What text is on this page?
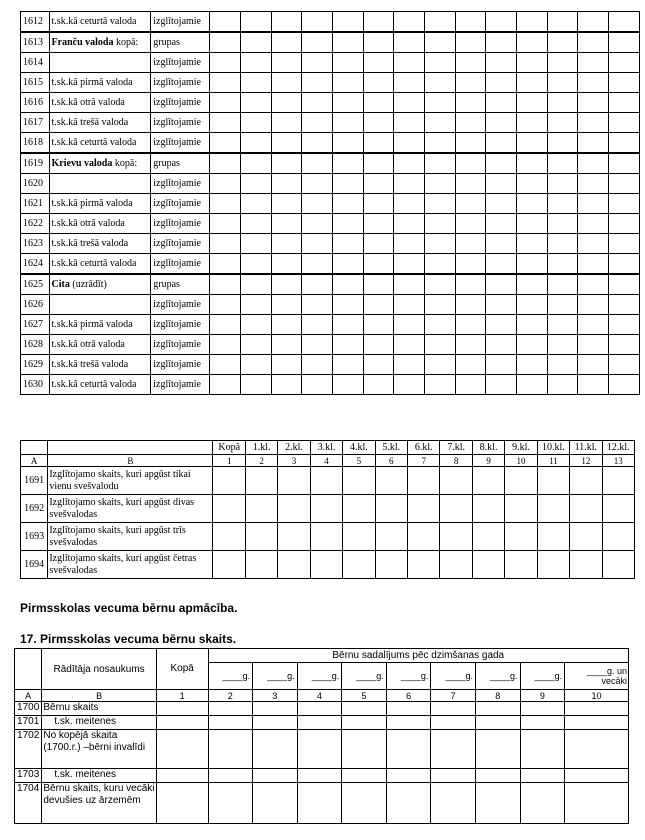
1612	t.sk.kā ceturtā valoda	izglītojamie														
1613	Franču valoda kopā:	grupas														
1614		izglītojamie														
1615	t.sk.kā pirmā valoda	izglītojamie														
1616	t.sk.kā otrā valoda	izglītojamie														
1617	t.sk.kā trešā valoda	izglītojamie														
1618	t.sk.kā ceturtā valoda	izglītojamie														
1619	Krievu valoda kopā:	grupas														
1620		izglītojamie														
1621	t.sk.kā pirmā valoda	izglītojamie														
1622	t.sk.kā otrā valoda	izglītojamie														
1623	t.sk.kā trešā valoda	izglītojamie														
1624	t.sk.kā ceturtā valoda	izglītojamie														
1625	Cita (uzrādīt)	grupas														
1626		izglītojamie														
1627	t.sk.kā pirmā valoda	izglītojamie														
1628	t.sk.kā otrā valoda	izglītojamie														
1629	t.sk.kā trešā valoda	izglītojamie														
1630	t.sk.kā ceturtā valoda	izglītojamie														
		Kopā	1.kl.	2.kl.	3.kl.	4.kl.	5.kl.	6.kl.	7.kl.	8.kl.	9.kl.	10.kl.	11.kl.	12.kl.
A	B	1	2	3	4	5	6	7	8	9	10	11	12	13
1691	Izglītojamo skaits, kuri apgūst tikai vienu svešvalodu													
1692	Izglītojamo skaits, kuri apgūst divas svešvalodas													
1693	Izglītojamo skaits, kuri apgūst trīs svešvalodas													
1694	Izglītojamo skaits, kuri apgūst četras svešvalodas													
Pirmsskolas vecuma bērnu apmācība.
17. Pirmsskolas vecuma bērnu skaits.
	Rādītāja nosaukums	Kopā	Bērnu sadalījums pēc dzimšanas gada								
			____g.	____g.	____g.	____g.	____g.	____g.	____g.	____g.	____g. un vecāki
A	B	1	2	3	4	5	6	7	8	9	10
1700	Bērnu skaits										
1701	t.sk. meitenes										
1702	No kopējā skaita (1700.r.) –bērni invalīdi										
1703	t.sk. meitenes										
1704	Bērnu skaits, kuru vecāki devušies uz ārzemēm										
